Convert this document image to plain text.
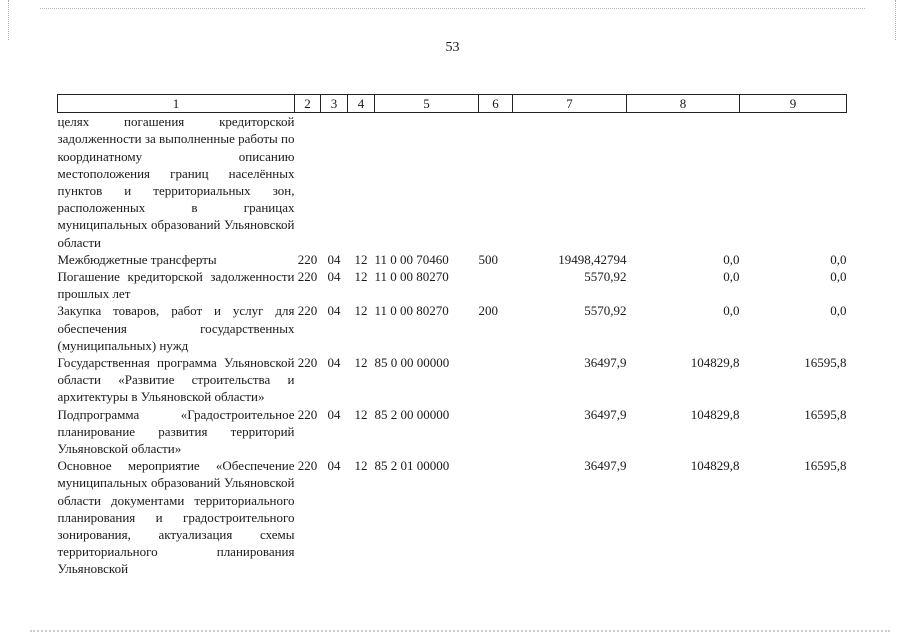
53
1	2	3	4	5	6	7	8	9
целях погашения кредиторской задолженности за выполненные работы по координатному описанию местоположения границ населённых пунктов и территориальных зон, расположенных в границах муниципальных образований Ульяновской области								
Межбюджетные трансферты	220	04	12	11 0 00 70460	500	19498,42794	0,0	0,0
Погашение кредиторской задолженности прошлых лет	220	04	12	11 0 00 80270		5570,92	0,0	0,0
Закупка товаров, работ и услуг для обеспечения государственных (муниципальных) нужд	220	04	12	11 0 00 80270	200	5570,92	0,0	0,0
Государственная программа Ульяновской области «Развитие строительства и архитектуры в Ульяновской области»	220	04	12	85 0 00 00000		36497,9	104829,8	16595,8
Подпрограмма «Градостроительное планирование развития территорий Ульяновской области»	220	04	12	85 2 00 00000		36497,9	104829,8	16595,8
Основное мероприятие «Обеспечение муниципальных образований Ульяновской области документами территориального планирования и градостроительного зонирования, актуализация схемы территориального планирования Ульяновской	220	04	12	85 2 01 00000		36497,9	104829,8	16595,8
